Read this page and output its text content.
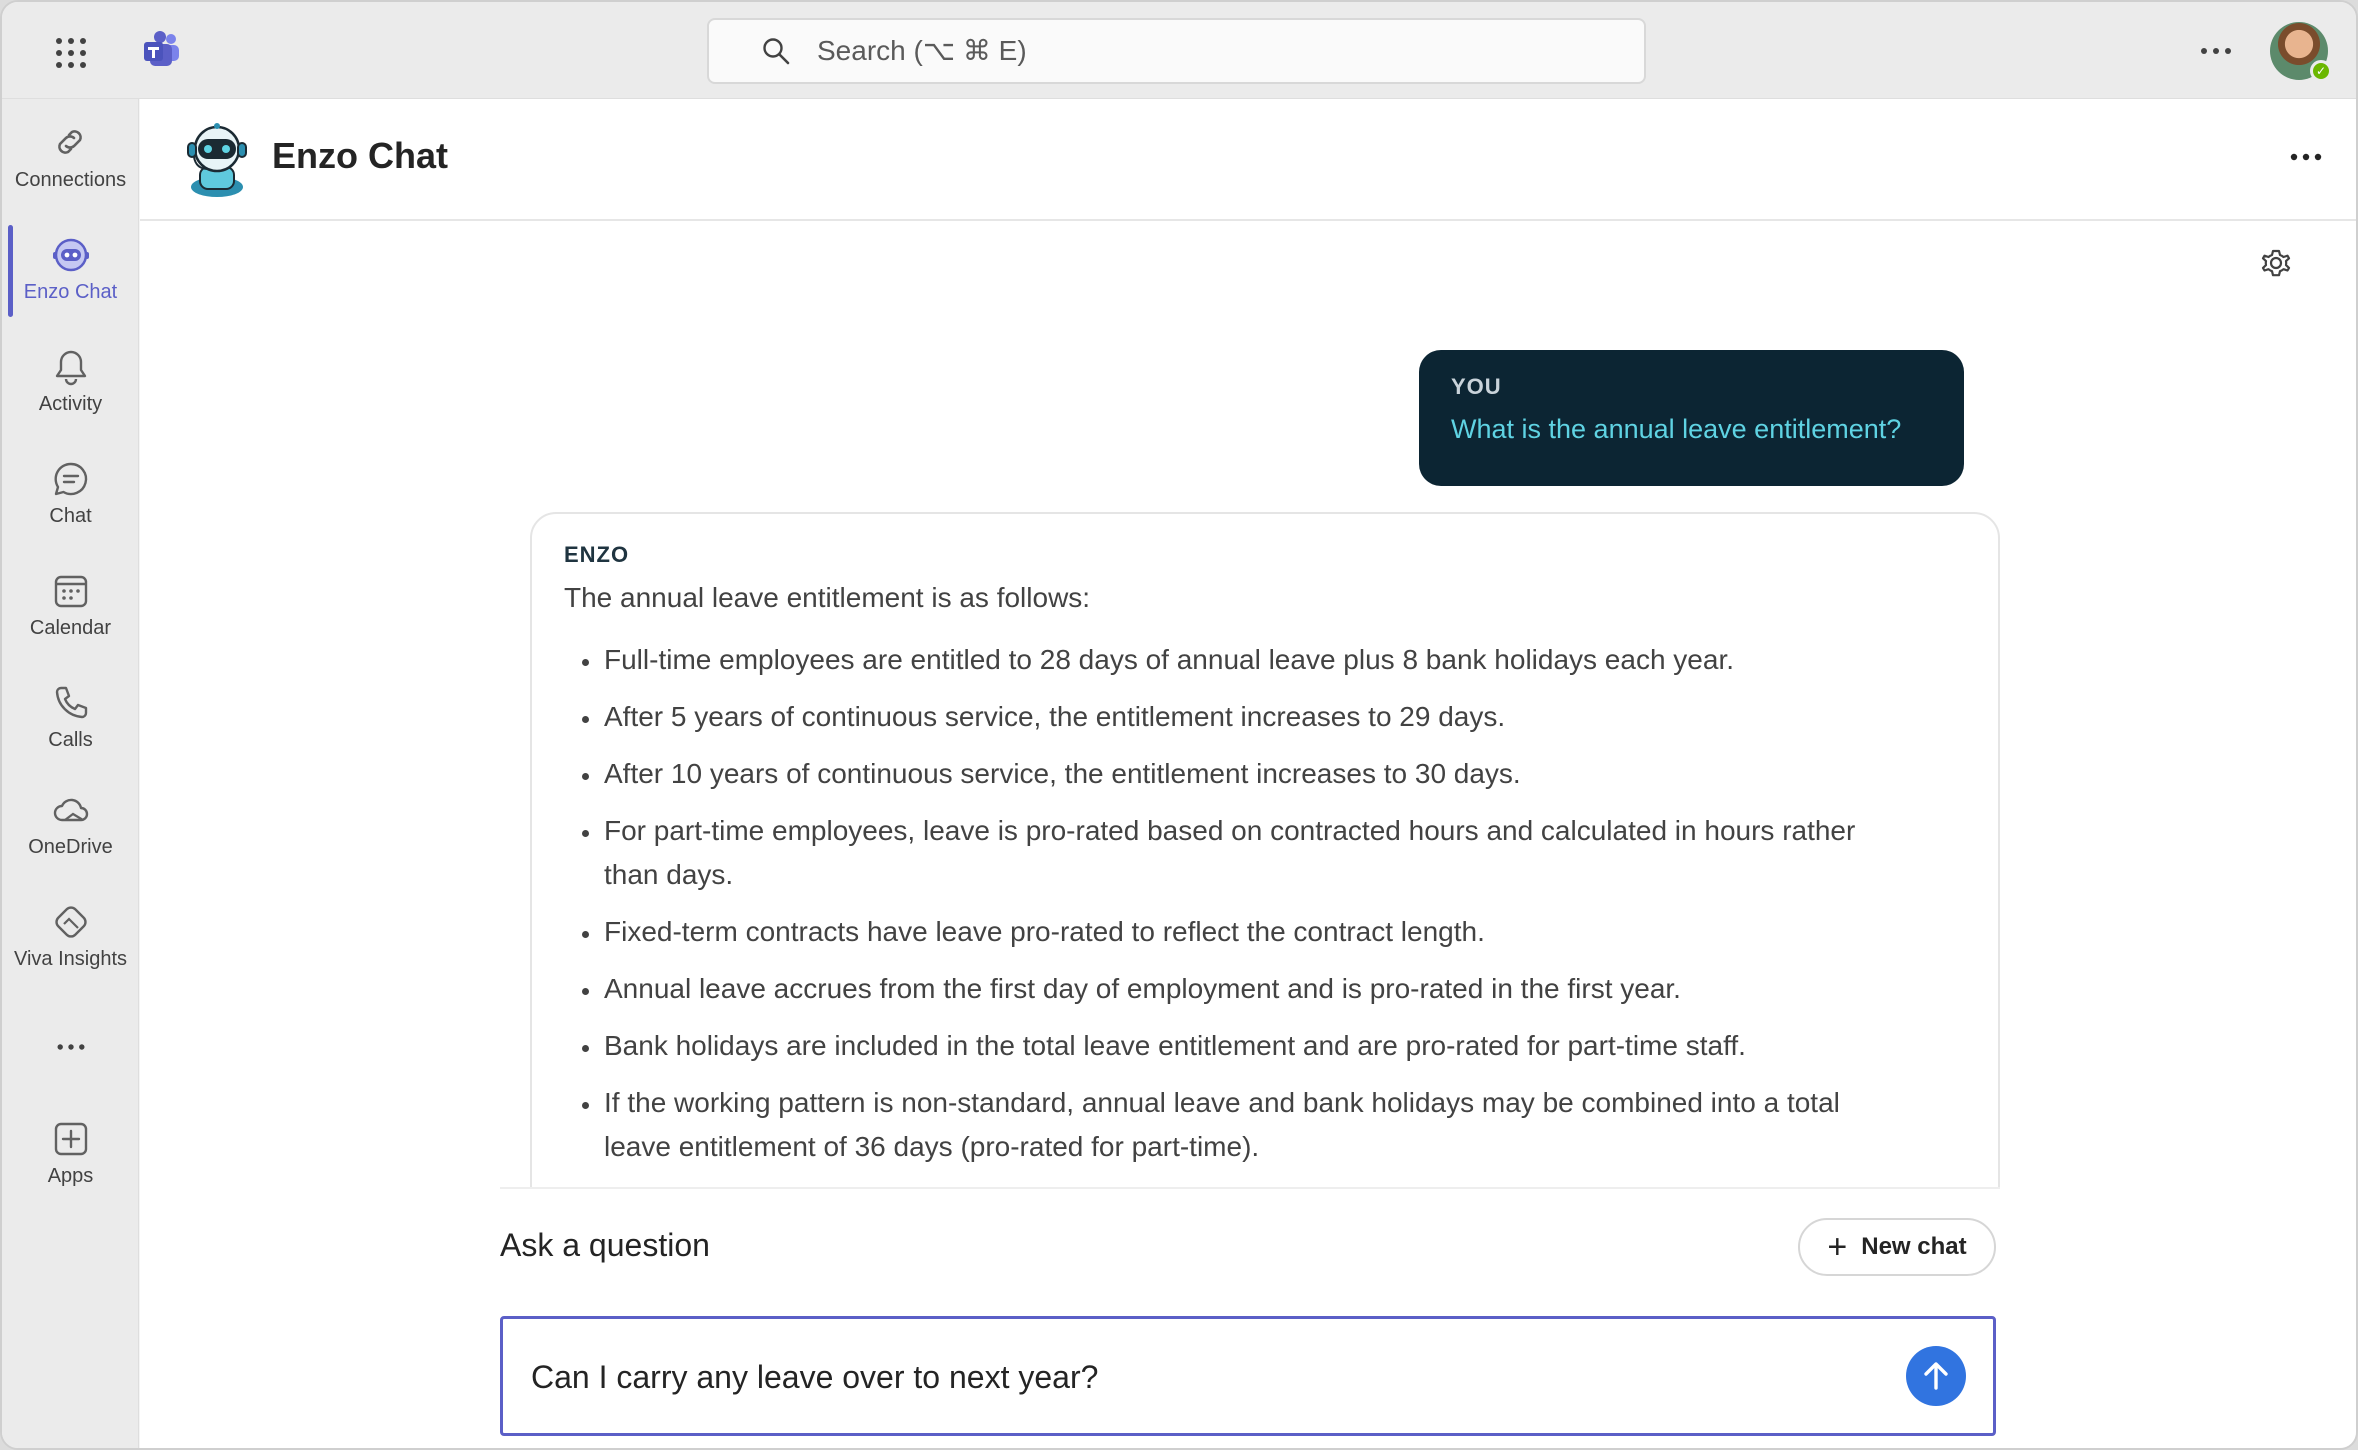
Search (⌥ ⌘ E)
✓
Connections
Enzo Chat
Activity
Chat
Calendar
Calls
OneDrive
Viva Insights
Apps
Enzo Chat
YOU
What is the annual leave entitlement?
ENZO
The annual leave entitlement is as follows:
• Full-time employees are entitled to 28 days of annual leave plus 8 bank holidays each year.
• After 5 years of continuous service, the entitlement increases to 29 days.
• After 10 years of continuous service, the entitlement increases to 30 days.
• For part-time employees, leave is pro-rated based on contracted hours and calculated in hours rather than days.
• Fixed-term contracts have leave pro-rated to reflect the contract length.
• Annual leave accrues from the first day of employment and is pro-rated in the first year.
• Bank holidays are included in the total leave entitlement and are pro-rated for part-time staff.
• If the working pattern is non-standard, annual leave and bank holidays may be combined into a total leave entitlement of 36 days (pro-rated for part-time).
Ask a question	+ New chat
Can I carry any leave over to next year?
